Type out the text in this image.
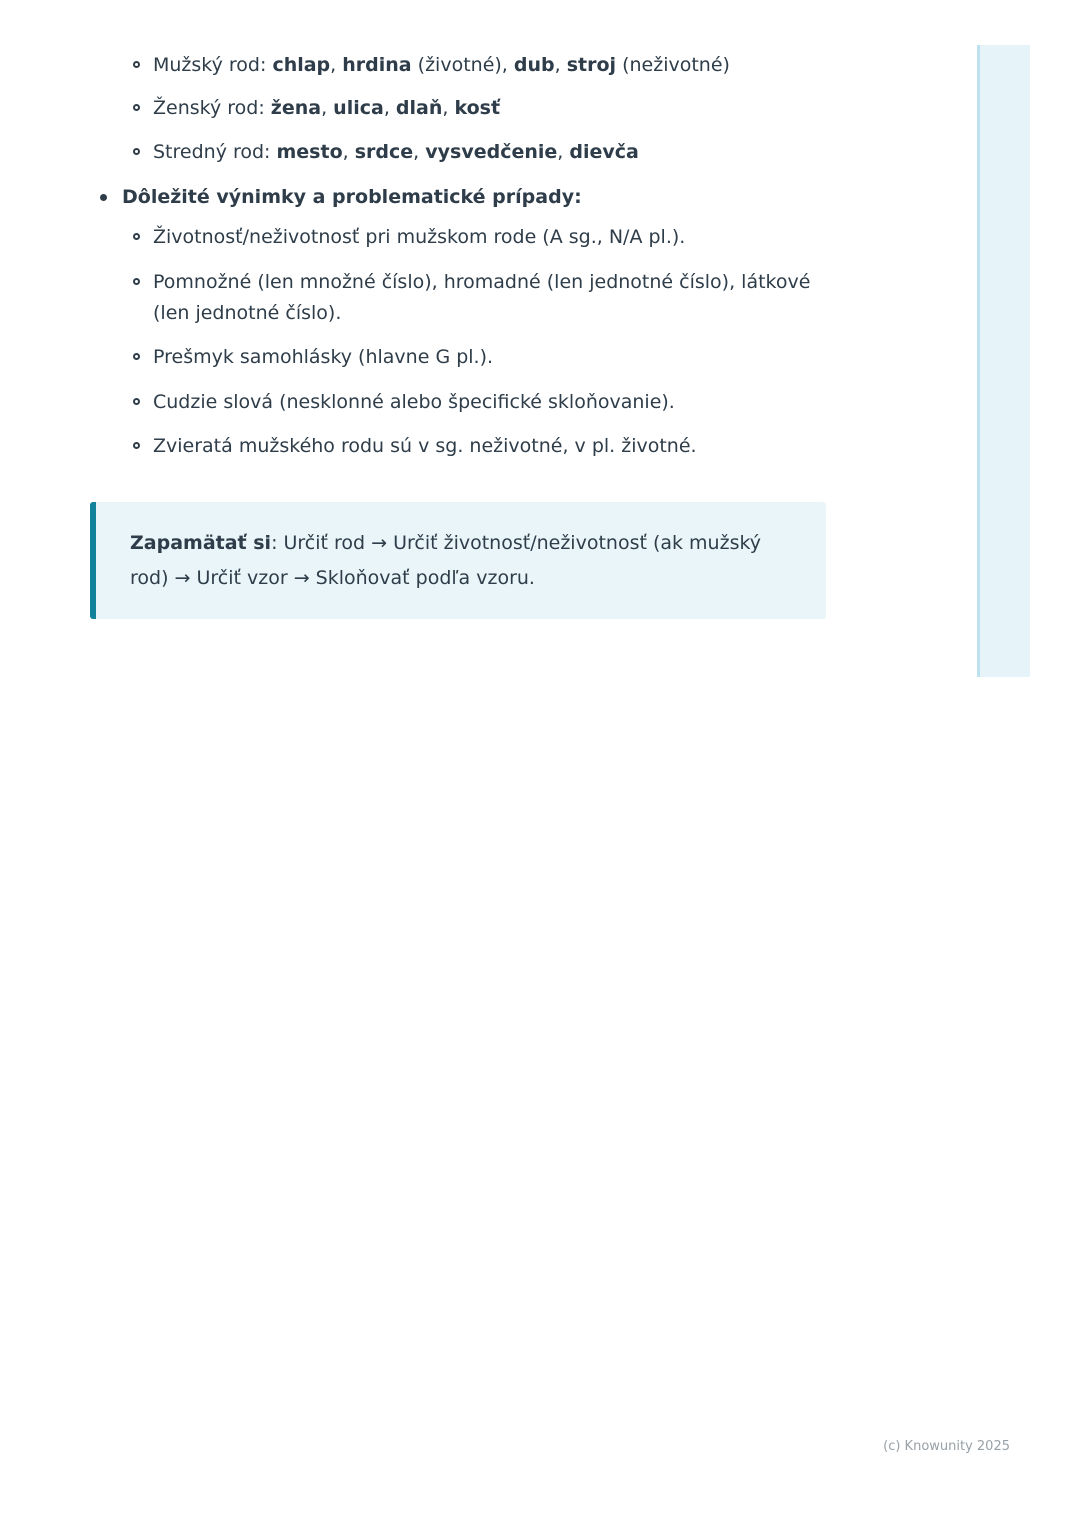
Mužský rod: chlap, hrdina (životné), dub, stroj (neživotné)
Ženský rod: žena, ulica, dlaň, kosť
Stredný rod: mesto, srdce, vysvedčenie, dievča
Dôležité výnimky a problematické prípady:
Životnosť/neživotnosť pri mužskom rode (A sg., N/A pl.).
Pomnožné (len množné číslo), hromadné (len jednotné číslo), látkové (len jednotné číslo).
Prešmyk samohlásky (hlavne G pl.).
Cudzie slová (nesklonné alebo špecifické skloňovanie).
Zvieratá mužského rodu sú v sg. neživotné, v pl. životné.

Zapamätať si: Určiť rod → Určiť životnosť/neživotnosť (ak mužský rod) → Určiť vzor → Skloňovať podľa vzoru.

(c) Knowunity 2025
